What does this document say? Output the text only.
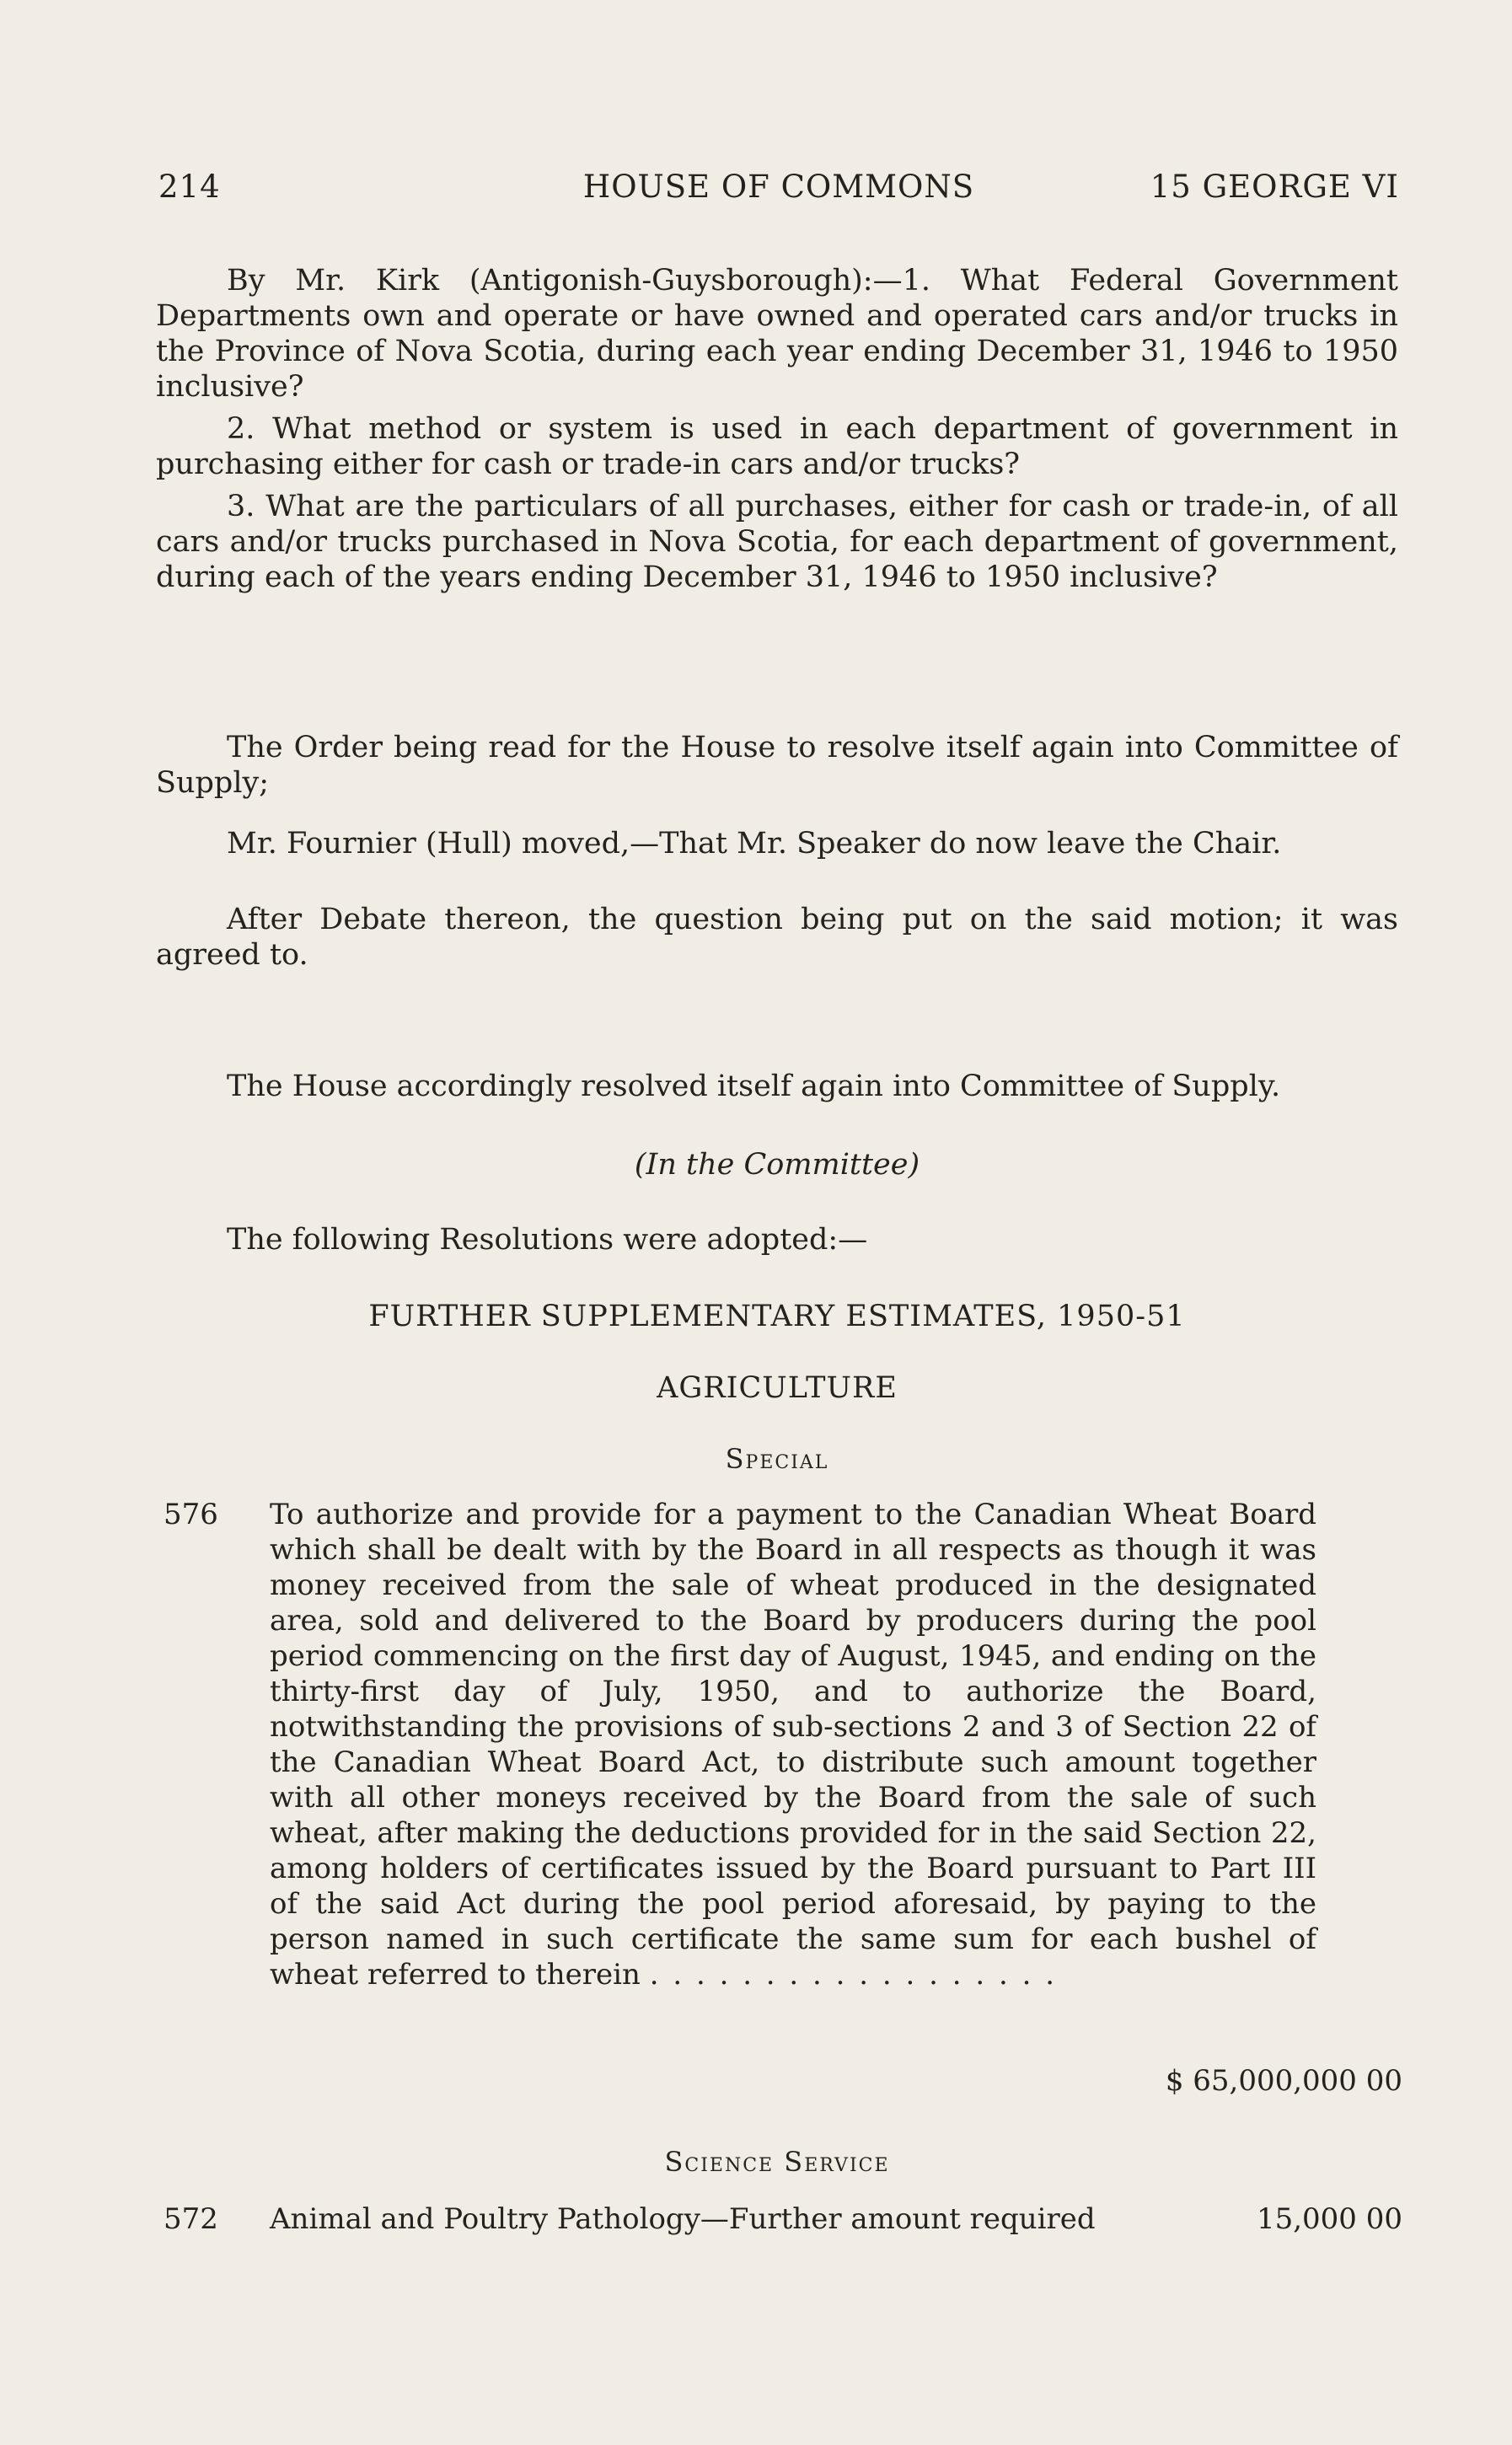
214	HOUSE OF COMMONS	15 GEORGE VI

By Mr. Kirk (Antigonish-Guysborough):—1. What Federal Government Departments own and operate or have owned and operated cars and/or trucks in the Province of Nova Scotia, during each year ending December 31, 1946 to 1950 inclusive?

2. What method or system is used in each department of government in purchasing either for cash or trade-in cars and/or trucks?

3. What are the particulars of all purchases, either for cash or trade-in, of all cars and/or trucks purchased in Nova Scotia, for each department of government, during each of the years ending December 31, 1946 to 1950 inclusive?

The Order being read for the House to resolve itself again into Committee of Supply;

Mr. Fournier (Hull) moved,—That Mr. Speaker do now leave the Chair.

After Debate thereon, the question being put on the said motion; it was agreed to.

The House accordingly resolved itself again into Committee of Supply.

(In the Committee)

The following Resolutions were adopted:—

FURTHER SUPPLEMENTARY ESTIMATES, 1950-51
AGRICULTURE
Special
576 To authorize and provide for a payment to the Canadian Wheat Board which shall be dealt with by the Board in all respects as though it was money received from the sale of wheat produced in the designated area, sold and delivered to the Board by producers during the pool period commencing on the first day of August, 1945, and ending on the thirty-first day of July, 1950, and to authorize the Board, notwithstanding the provisions of sub-sections 2 and 3 of Section 22 of the Canadian Wheat Board Act, to distribute such amount together with all other moneys received by the Board from the sale of such wheat, after making the deductions provided for in the said Section 22, among holders of certificates issued by the Board pursuant to Part III of the said Act during the pool period aforesaid, by paying to the person named in such certificate the same sum for each bushel of wheat referred to therein . . . . . . . . . . . . . . . . . .
$ 65,000,000 00
Science Service
572 Animal and Poultry Pathology—Further amount required	15,000 00
